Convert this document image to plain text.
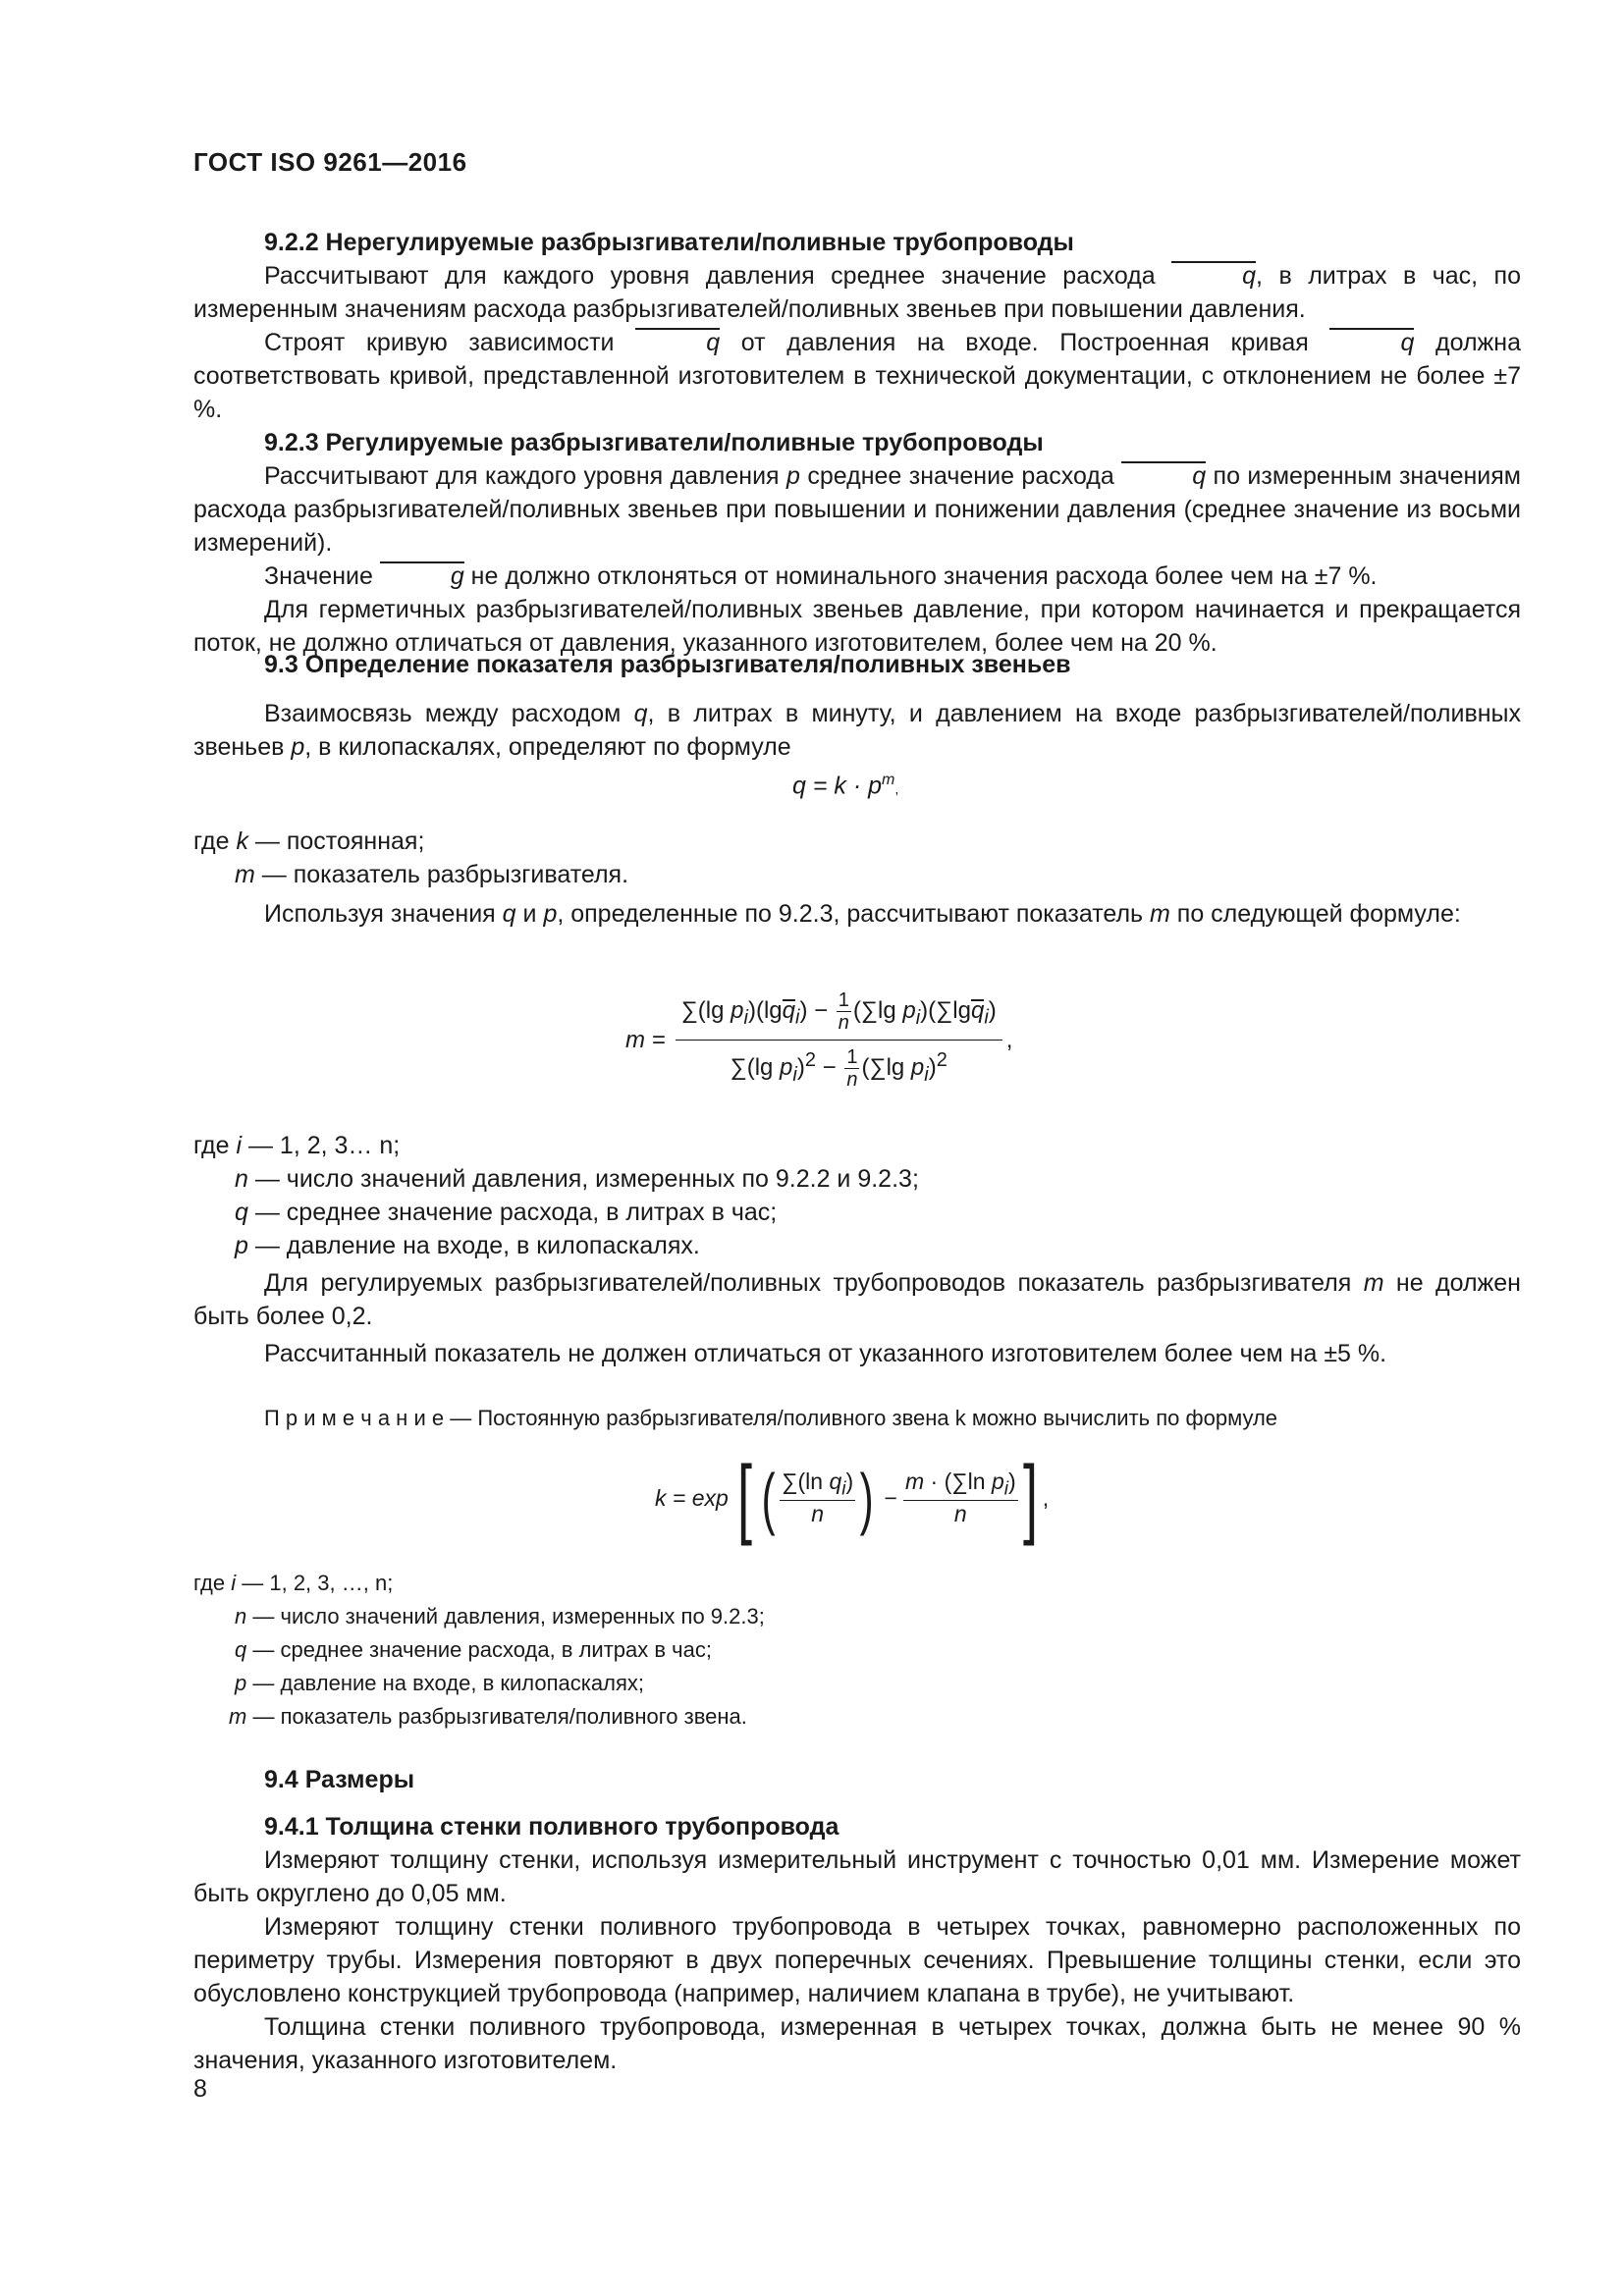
ГОСТ ISO 9261—2016

9.2.2 Нерегулируемые разбрызгиватели/поливные трубопроводы

Рассчитывают для каждого уровня давления среднее значение расхода	q, в литрах в час, по измеренным значениям расхода разбрызгивателей/поливных звеньев при повышении давления.

Строят кривую зависимости	q от давления на входе. Построенная кривая	q должна соответствовать кривой, представленной изготовителем в технической документации, с отклонением не более ±7 %.

9.2.3 Регулируемые разбрызгиватели/поливные трубопроводы

Рассчитывают для каждого уровня давления p среднее значение расхода	q по измеренным значениям расхода разбрызгивателей/поливных звеньев при повышении и понижении давления (среднее значение из восьми измерений).

Значение	g не должно отклоняться от номинального значения расхода более чем на ±7 %.

Для герметичных разбрызгивателей/поливных звеньев давление, при котором начинается и прекращается поток, не должно отличаться от давления, указанного изготовителем, более чем на 20 %.

9.3 Определение показателя разбрызгивателя/поливных звеньев

Взаимосвязь между расходом q, в литрах в минуту, и давлением на входе разбрызгивателей/поливных звеньев p, в килопаскалях, определяют по формуле

$q = k \cdot p^m$,
где k — постоянная;
m — показатель разбрызгивателя.

Используя значения q и p, определенные по 9.2.3, рассчитывают показатель m по следующей формуле:

$m = \frac{\sum(\lg p_i)(\lg q_i) - \frac{1}{n} (\sum\lg p_i)(\sum\lg q_i)}{\sum(\lg p_i)^2 - \frac{1}{n} (\sum\lg p_i)^2}$ ,
где i — 1, 2, 3… n;
n — число значений давления, измеренных по 9.2.2 и 9.2.3;
q — среднее значение расхода, в литрах в час;
p — давление на входе, в килопаскалях.

Для регулируемых разбрызгивателей/поливных трубопроводов показатель разбрызгивателя m не должен быть более 0,2.

Рассчитанный показатель не должен отличаться от указанного изготовителем более чем на ±5 %.

П р и м е ч а н и е — Постоянную разбрызгивателя/поливного звена k можно вычислить по формуле
k = exp [ ( $\frac{\sum(\ln q_i)}{n}$ ) − $\frac{m \cdot (\sum\ln p_i)}{n}$ ] ,
где i — 1, 2, 3, …, n;
n — число значений давления, измеренных по 9.2.3;
q — среднее значение расхода, в литрах в час;
p — давление на входе, в килопаскалях;
m — показатель разбрызгивателя/поливного звена.

9.4 Размеры

9.4.1 Толщина стенки поливного трубопровода

Измеряют толщину стенки, используя измерительный инструмент с точностью 0,01 мм. Измерение может быть округлено до 0,05 мм.

Измеряют толщину стенки поливного трубопровода в четырех точках, равномерно расположенных по периметру трубы. Измерения повторяют в двух поперечных сечениях. Превышение толщины стенки, если это обусловлено конструкцией трубопровода (например, наличием клапана в трубе), не учитывают.

Толщина стенки поливного трубопровода, измеренная в четырех точках, должна быть не менее 90 % значения, указанного изготовителем.

8
